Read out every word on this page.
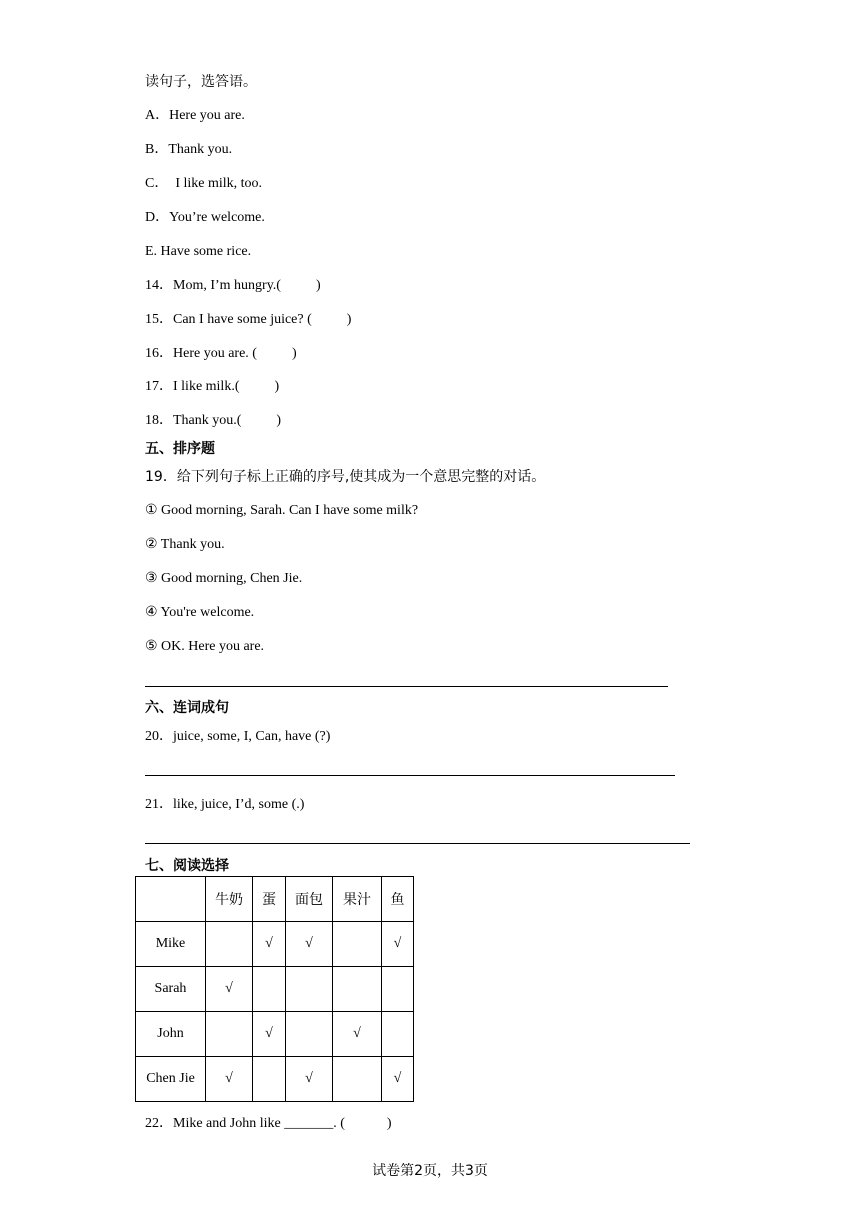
读句子，选答语。
A．Here you are.
B．Thank you.
C．  I like milk, too.
D．You’re welcome.
E. Have some rice.
14．Mom, I’m hungry.(          )
15．Can I have some juice? (          )
16．Here you are. (          )
17．I like milk.(          )
18．Thank you.(          )
五、排序题
19．给下列句子标上正确的序号,使其成为一个意思完整的对话。
① Good morning, Sarah. Can I have some milk?
② Thank you.
③ Good morning, Chen Jie.
④ You're welcome.
⑤ OK. Here you are.
六、连词成句
20．juice, some, I, Can, have (?)
21．like, juice, I’d, some (.)
七、阅读选择
	牛奶	蛋	面包	果汁	鱼
Mike		√	√		√
Sarah	√				
John		√		√	
Chen Jie	√		√		√
22．Mike and John like _______. (            )
试卷第2页，共3页
